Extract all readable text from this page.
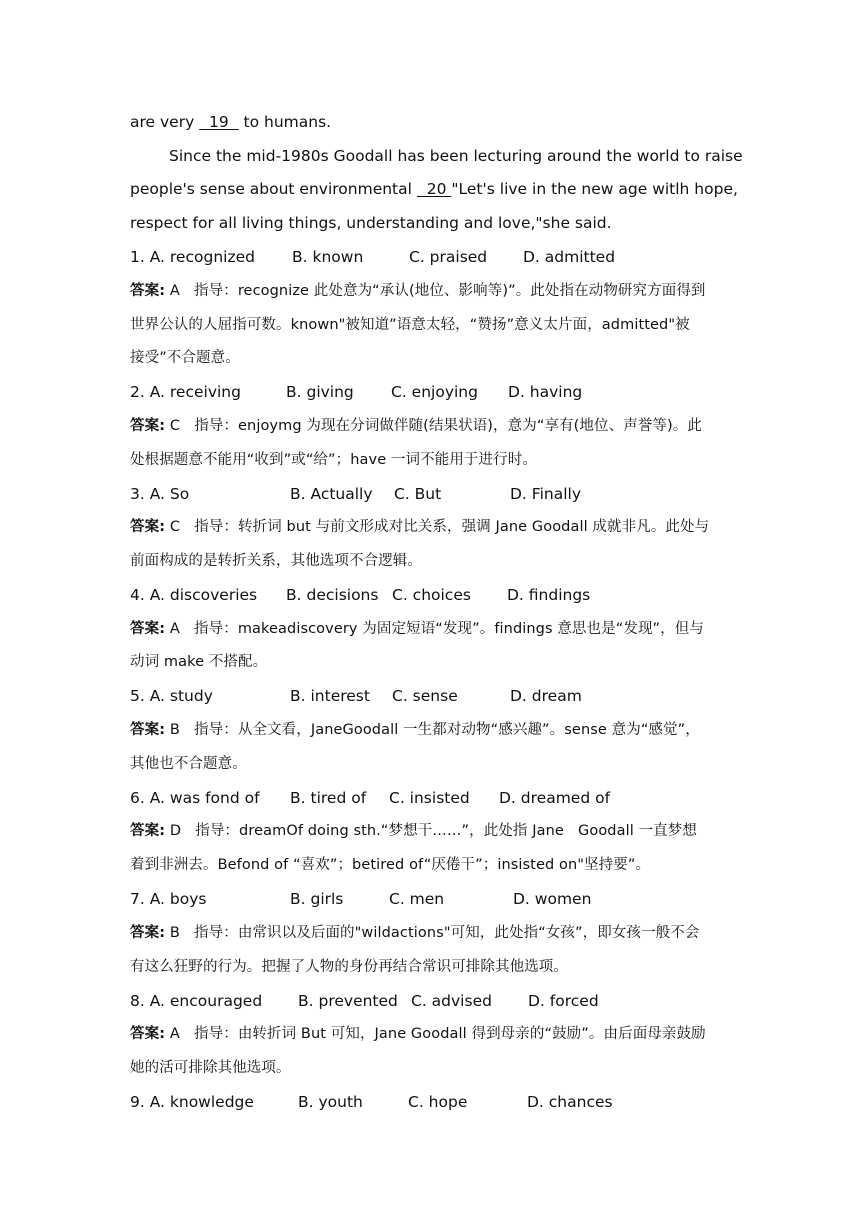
are very   19   to humans.
Since the mid-1980s Goodall has been lecturing around the world to raise
people's sense about environmental   20 "Let's live in the new age witlh hope,
respect for all living things, understanding and love,"she said.
1. A. recognized B. known	C. praised D. admitted
答案: A 指导：recognize 此处意为“承认(地位、影响等)”。此处指在动物研究方面得到
世界公认的人屈指可数。known"被知道”语意太轻，“赞扬”意义太片面，admitted"被
接受”不合题意。
2. A. receiving	B. giving C. enjoying D. having
答案: C 指导：enjoymg 为现在分词做伴随(结果状语)，意为“享有(地位、声誉等)。此
处根据题意不能用“收到”或“给”；have 一词不能用于进行时。
3. A. So	B. Actually C. But	D. Finally
答案: C 指导：转折词 but 与前文形成对比关系，强调 Jane Goodall 成就非凡。此处与
前面构成的是转折关系，其他选项不合逻辑。
4. A. discoveries B. decisions C. choices D. findings
答案: A 指导：makeadiscovery 为固定短语“发现”。findings 意思也是“发现”，但与
动词 make 不搭配。
5. A. study	B. interest C. sense	D. dream
答案: B 指导：从全文看，JaneGoodall 一生都对动物“感兴趣”。sense 意为“感觉”，
其他也不合题意。
6. A. was fond of B. tired of C. insisted D. dreamed of
答案: D 指导：dreamOf doing sth.“梦想干……”，此处指 Jane   Goodall 一直梦想
着到非洲去。Befond of “喜欢”；betired of“厌倦干”；insisted on"坚持要”。
7. A. boys	B. girls	C. men	D. women
答案: B 指导：由常识以及后面的"wildactions"可知，此处指“女孩”，即女孩一般不会
有这么狂野的行为。把握了人物的身份再结合常识可排除其他选项。
8. A. encouraged B. prevented C. advised D. forced
答案: A 指导：由转折词 But 可知，Jane Goodall 得到母亲的“鼓励”。由后面母亲鼓励
她的活可排除其他选项。
9. A. knowledge	B. youth	C. hope	D. chances
